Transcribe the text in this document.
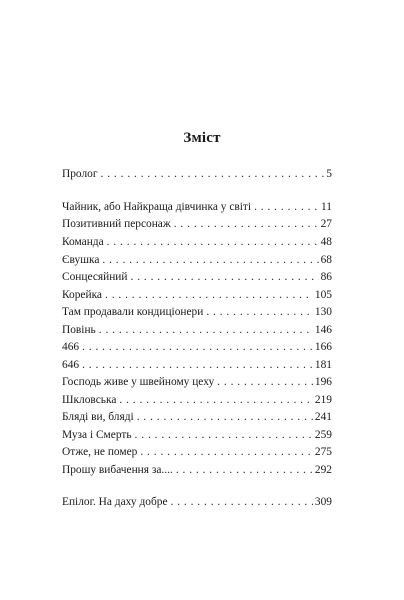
Зміст
Пролог . . .	5
Чайник, або Найкраща дівчинка у світі . . .	11
Позитивний персонаж . . .	27
Команда . . .	48
Євушка . . .	68
Сонцесяйний . . .	86
Корейка . . .	105
Там продавали кондиціонери . . .	130
Повінь . . .	146
466 . . .	166
646 . . .	181
Господь живе у швейному цеху . . .	196
Шкловська . . .	219
Бляді ви, бляді . . .	241
Муза і Смерть . . .	259
Отже, не помер . . .	275
Прошу вибачення за.... . . .	292
Епілог. На даху добре . . .	309
